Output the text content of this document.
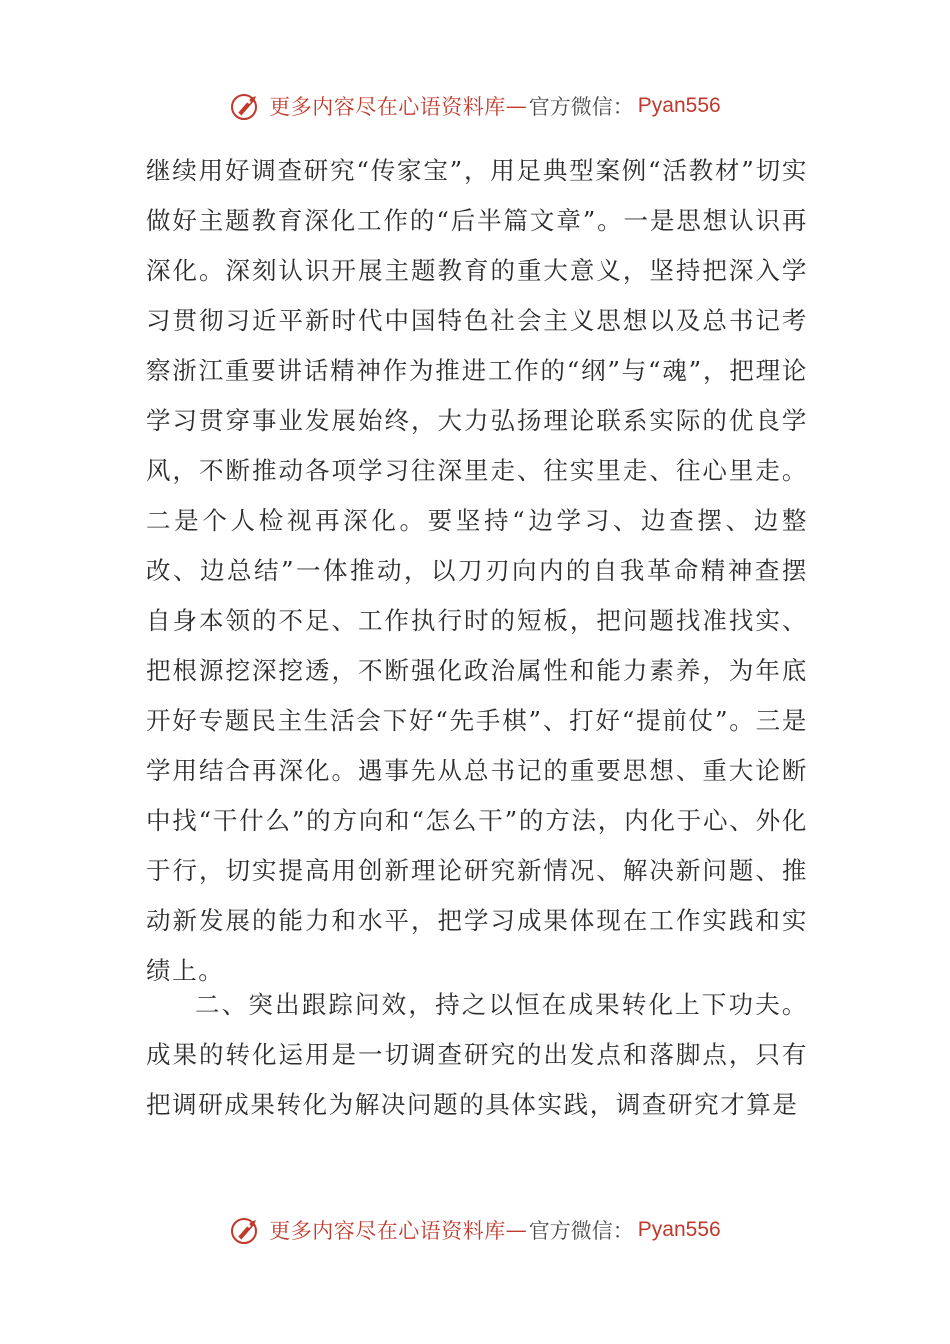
更多内容尽在心语资料库 — 官方微信： Pyan556

继续用好调查研究“传家宝”，用足典型案例“活教材”切实做好主题教育深化工作的“后半篇文章”。一是思想认识再深化。深刻认识开展主题教育的重大意义，坚持把深入学习贯彻习近平新时代中国特色社会主义思想以及总书记考察浙江重要讲话精神作为推进工作的“纲”与“魂”，把理论学习贯穿事业发展始终，大力弘扬理论联系实际的优良学风，不断推动各项学习往深里走、往实里走、往心里走。二是个人检视再深化。要坚持“边学习、边查摆、边整改、边总结”一体推动，以刀刃向内的自我革命精神查摆自身本领的不足、工作执行时的短板，把问题找准找实、把根源挖深挖透，不断强化政治属性和能力素养，为年底开好专题民主生活会下好“先手棋”、打好“提前仗”。三是学用结合再深化。遇事先从总书记的重要思想、重大论断中找“干什么”的方向和“怎么干”的方法，内化于心、外化于行，切实提高用创新理论研究新情况、解决新问题、推动新发展的能力和水平，把学习成果体现在工作实践和实绩上。

二、突出跟踪问效，持之以恒在成果转化上下功夫。成果的转化运用是一切调查研究的出发点和落脚点，只有把调研成果转化为解决问题的具体实践，调查研究才算是

更多内容尽在心语资料库 — 官方微信： Pyan556
